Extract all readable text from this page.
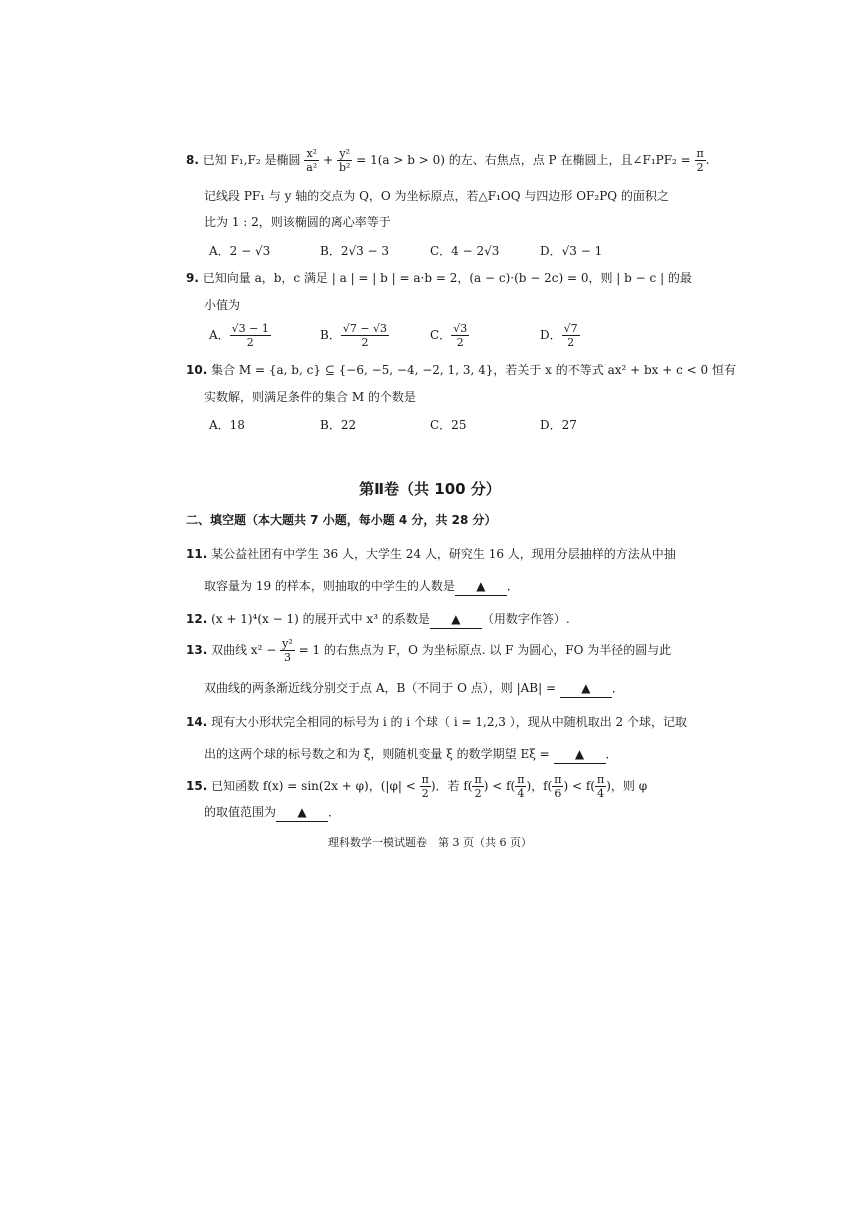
8. 已知 F₁,F₂ 是椭圆 $\frac{\text{x²}}{\text{a²}} + \frac{\text{y²}}{\text{b²}} = 1(a > b > 0)$ 的左、右焦点，点 P 在椭圆上，且∠F₁PF₂ = $\frac{\pi}{2}$ .
记线段 PF₁ 与 y 轴的交点为 Q，O 为坐标原点，若△F₁OQ 与四边形 OF₂PQ 的面积之
比为 1 : 2，则该椭圆的离心率等于
A．2 − √3	B．2√3 − 3	C．4 − 2√3	D．√3 − 1
9. 已知向量 a，b，c 满足 | a | = | b | = a·b = 2，(a − c)·(b − 2c) = 0，则 | b − c | 的最
小值为
A． $\frac{√3 - 1}{2}$	B． $\frac{√7 - √3}{2}$	C． $\frac{√3}{2}$	D． $\frac{√7}{2}$
10. 集合 M = {a, b, c} ⊆ {−6, −5, −4, −2, 1, 3, 4}，若关于 x 的不等式 ax² + bx + c < 0 恒有
实数解，则满足条件的集合 M 的个数是
A．18	B．22	C．25	D．27
第Ⅱ卷（共 100 分）
二、填空题（本大题共 7 小题，每小题 4 分，共 28 分）
11. 某公益社团有中学生 36 人，大学生 24 人，研究生 16 人，现用分层抽样的方法从中抽
取容量为 19 的样本，则抽取的中学生的人数是 ▲ ．
12. (x + 1)⁴(x − 1) 的展开式中 x³ 的系数是 ▲ （用数字作答）.
13. 双曲线 $x^2 - \frac{\text{y²}}{3} = 1$ 的右焦点为 F，O 为坐标原点. 以 F 为圆心，FO 为半径的圆与此
双曲线的两条渐近线分别交于点 A，B（不同于 O 点），则 |AB| = ▲ ．
14. 现有大小形状完全相同的标号为 i 的 i 个球（ i = 1,2,3 ），现从中随机取出 2 个球，记取
出的这两个球的标号数之和为 ξ，则随机变量 ξ 的数学期望 Eξ = ▲ ．
15. 已知函数 f(x) = sin(2x + φ)，($|\varphi| < \frac{\pi}{2}$ )．若 $f( \frac{\pi}{2}$ ) < $f( \frac{\pi}{4}$ )，$f( \frac{\pi}{6}$ ) < $f( \frac{\pi}{4}$ )，则 φ
的取值范围为 ▲ ．
理科数学一模试题卷　第 3 页（共 6 页）
